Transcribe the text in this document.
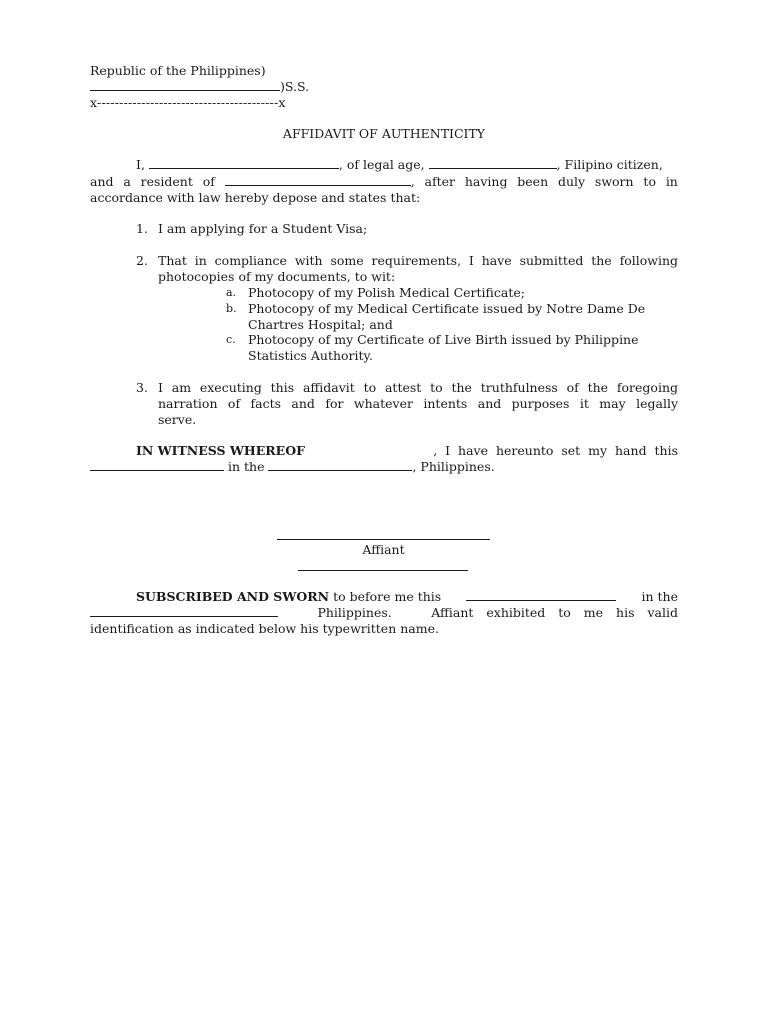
Republic of the Philippines)
)S.S.
x-----------------------------------------x
AFFIDAVIT OF AUTHENTICITY
I,	, of legal age,	, Filipino citizen,
and a resident of	, after having been duly sworn to in
accordance with law hereby depose and states that:
1. I am applying for a Student Visa;
2. That in compliance with some requirements, I have submitted the following
photocopies of my documents, to wit:
a. Photocopy of my Polish Medical Certificate;
b. Photocopy of my Medical Certificate issued by Notre Dame De
Chartres Hospital; and
c. Photocopy of my Certificate of Live Birth issued by Philippine
Statistics Authority.
3. I am executing this affidavit to attest to the truthfulness of the foregoing
narration of facts and for whatever intents and purposes it may legally
serve.
IN WITNESS WHEREOF	,  I  have  hereunto  set  my  hand  this
in the	, Philippines.
Affiant
SUBSCRIBED AND SWORN to before me this	in the
Philippines.	Affiant exhibited to me his valid
identification as indicated below his typewritten name.
